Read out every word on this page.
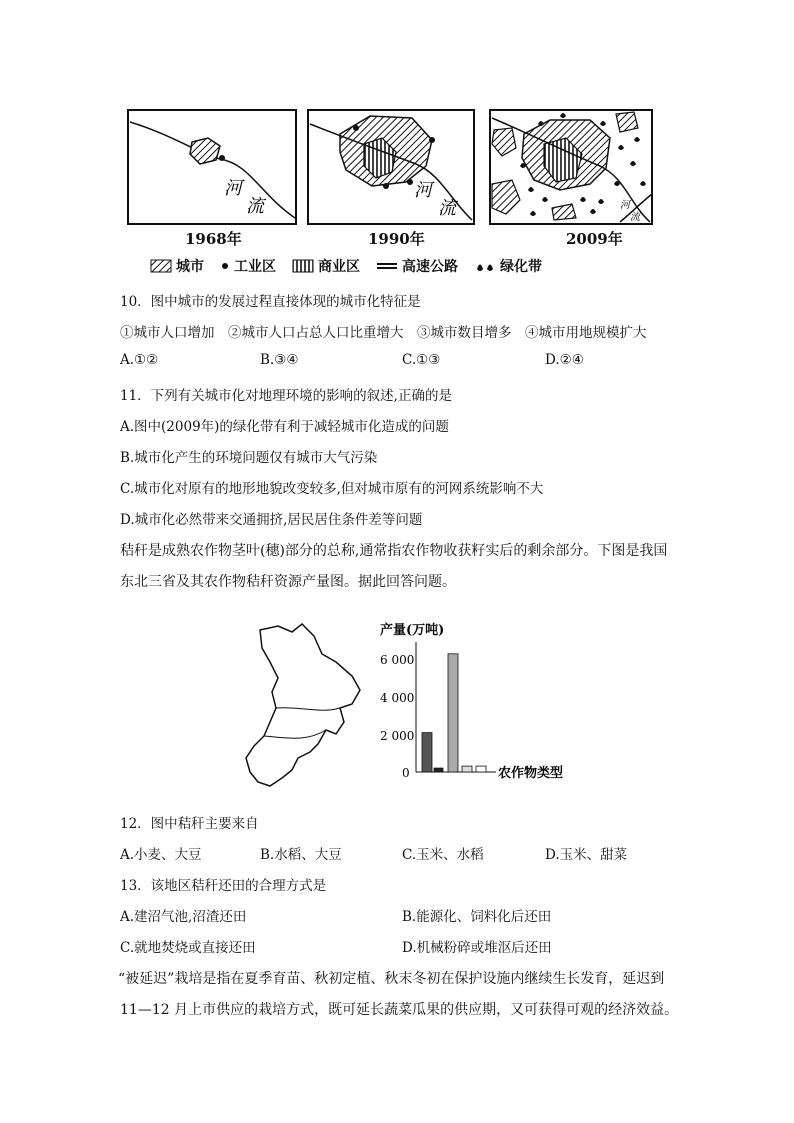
河
流
河
流	河
流
1968年	1990年	2009年
城市 工业区	商业区	高速公路	绿化带
10．图中城市的发展过程直接体现的城市化特征是
①城市人口增加　②城市人口占总人口比重增大　③城市数目增多　④城市用地规模扩大
A.①②	B.③④	C.①③	D.②④
11．下列有关城市化对地理环境的影响的叙述,正确的是
A.图中(2009年)的绿化带有利于减轻城市化造成的问题
B.城市化产生的环境问题仅有城市大气污染
C.城市化对原有的地形地貌改变较多,但对城市原有的河网系统影响不大
D.城市化必然带来交通拥挤,居民居住条件差等问题
秸秆是成熟农作物茎叶(穗)部分的总称,通常指农作物收获籽实后的剩余部分。下图是我国
东北三省及其农作物秸秆资源产量图。据此回答问题。
产量(万吨)
6 000
4 000
2 000
0	农作物类型
12．图中秸秆主要来自
A.小麦、大豆	B.水稻、大豆	C.玉米、水稻	D.玉米、甜菜
13．该地区秸秆还田的合理方式是
A.建沼气池,沼渣还田	B.能源化、饲料化后还田
C.就地焚烧或直接还田	D.机械粉碎或堆沤后还田
“被延迟”栽培是指在夏季育苗、秋初定植、秋末冬初在保护设施内继续生长发育，延迟到
11—12 月上市供应的栽培方式，既可延长蔬菜瓜果的供应期，又可获得可观的经济效益。
